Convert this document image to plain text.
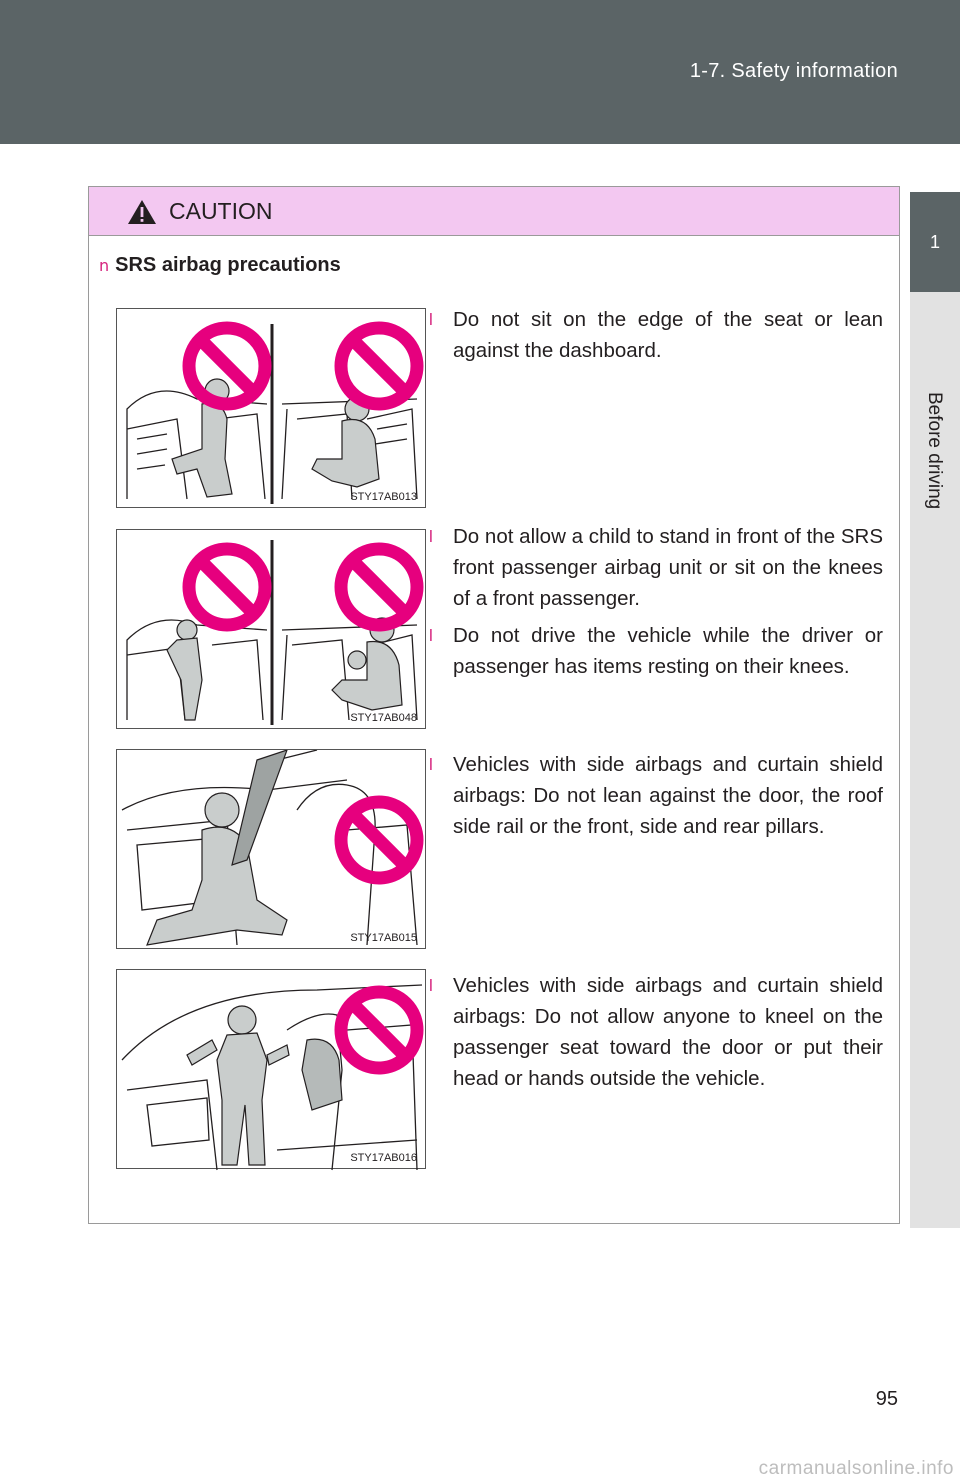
1-7. Safety information
1
Before driving
CAUTION
n SRS airbag precautions
STY17AB013
STY17AB048
STY17AB015
STY17AB016
l Do not sit on the edge of the seat or lean against the dashboard.

l Do not allow a child to stand in front of the SRS front passenger airbag unit or sit on the knees of a front passenger.

l Do not drive the vehicle while the driver or passenger has items resting on their knees.

l Vehicles with side airbags and curtain shield airbags: Do not lean against the door, the roof side rail or the front, side and rear pillars.

l Vehicles with side airbags and curtain shield airbags: Do not allow anyone to kneel on the passenger seat toward the door or put their head or hands outside the vehicle.

95
carmanualsonline.info
